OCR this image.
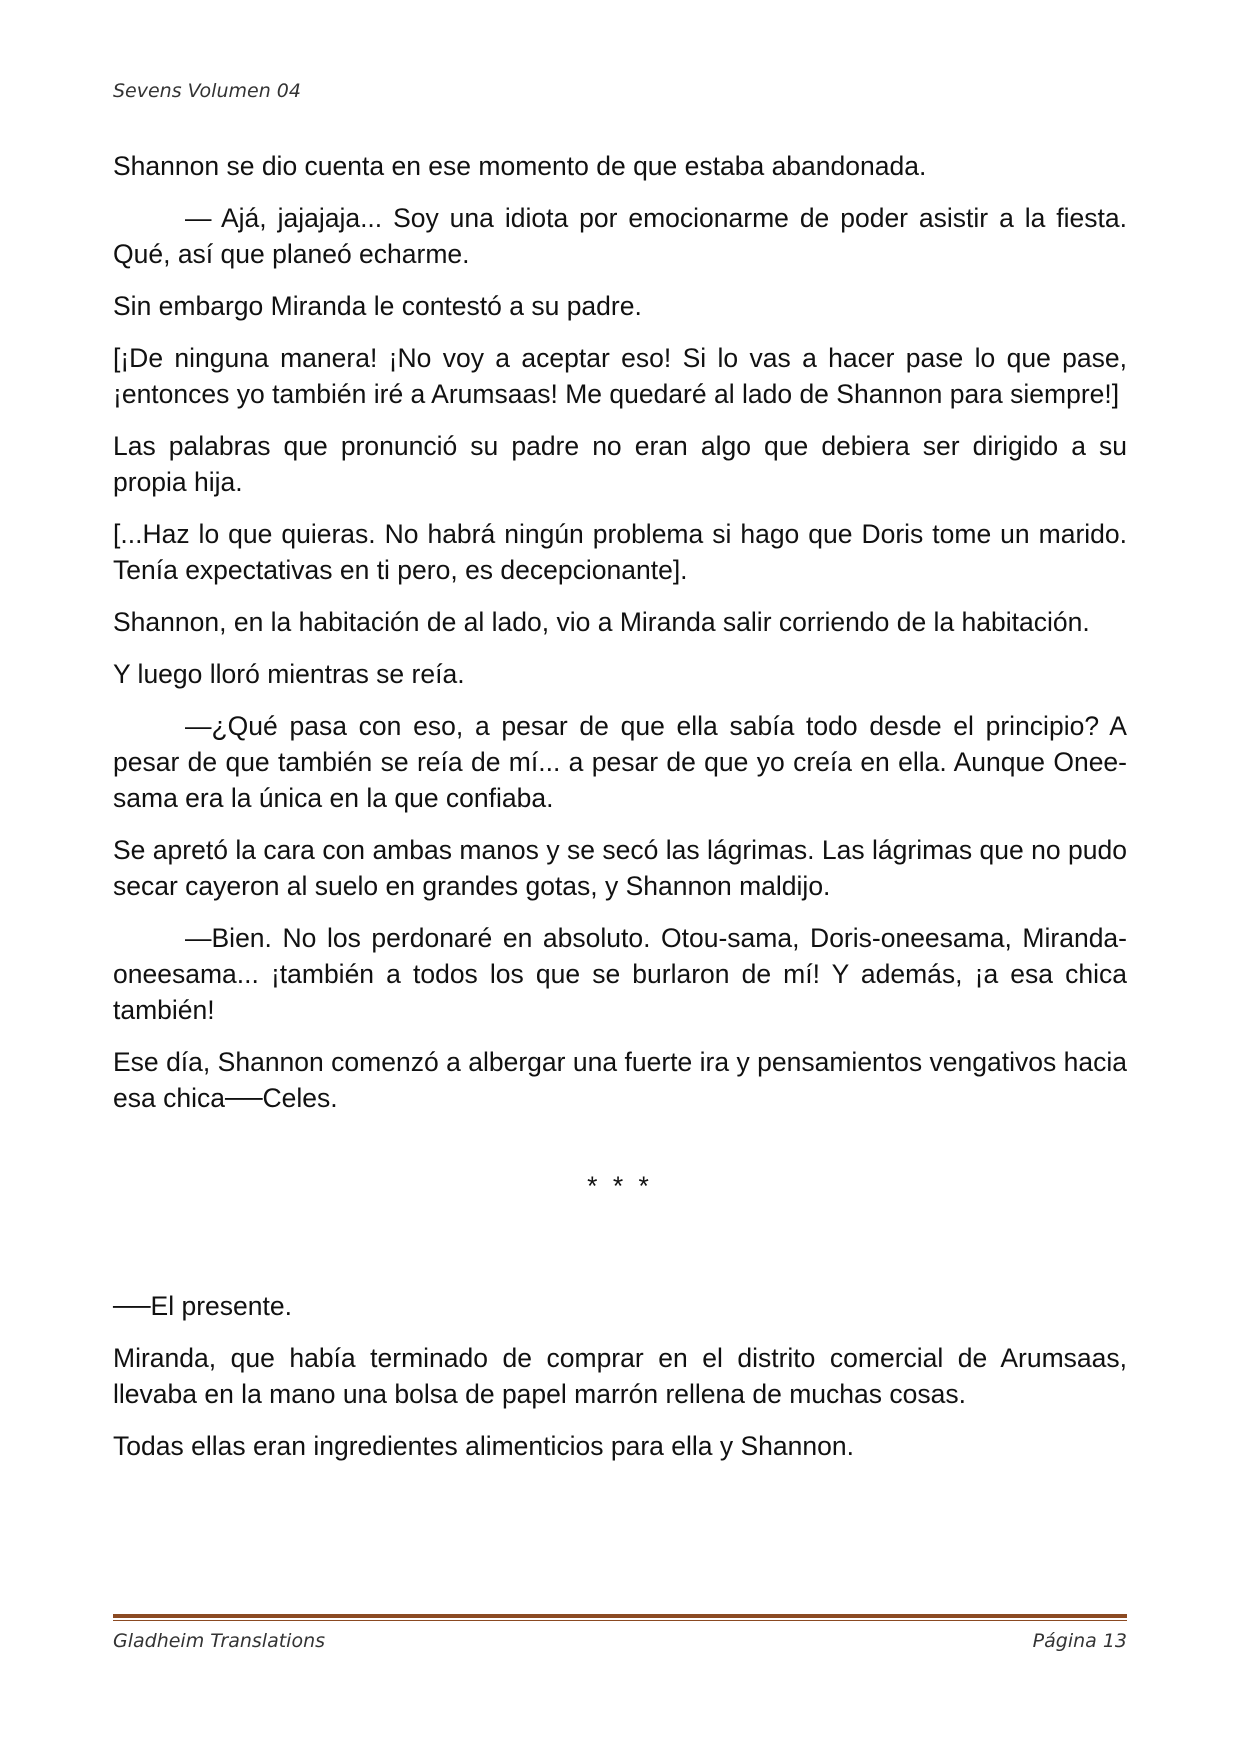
Sevens Volumen 04

Shannon se dio cuenta en ese momento de que estaba abandonada.

— Ajá, jajajaja... Soy una idiota por emocionarme de poder asistir a la fiesta. Qué, así que planeó echarme.

Sin embargo Miranda le contestó a su padre.

[¡De ninguna manera! ¡No voy a aceptar eso! Si lo vas a hacer pase lo que pase, ¡entonces yo también iré a Arumsaas! Me quedaré al lado de Shannon para siempre!]

Las palabras que pronunció su padre no eran algo que debiera ser dirigido a su propia hija.

[...Haz lo que quieras. No habrá ningún problema si hago que Doris tome un marido. Tenía expectativas en ti pero, es decepcionante].

Shannon, en la habitación de al lado, vio a Miranda salir corriendo de la habitación.

Y luego lloró mientras se reía.

—¿Qué pasa con eso, a pesar de que ella sabía todo desde el principio? A pesar de que también se reía de mí... a pesar de que yo creía en ella. Aunque Onee-sama era la única en la que confiaba.

Se apretó la cara con ambas manos y se secó las lágrimas. Las lágrimas que no pudo secar cayeron al suelo en grandes gotas, y Shannon maldijo.

—Bien. No los perdonaré en absoluto. Otou-sama, Doris-oneesama, Miranda-oneesama... ¡también a todos los que se burlaron de mí! Y además, ¡a esa chica también!

Ese día, Shannon comenzó a albergar una fuerte ira y pensamientos vengativos hacia esa chica──Celes.

* * *

──El presente.

Miranda, que había terminado de comprar en el distrito comercial de Arumsaas, llevaba en la mano una bolsa de papel marrón rellena de muchas cosas.

Todas ellas eran ingredientes alimenticios para ella y Shannon.

Gladheim Translations	Página 13
